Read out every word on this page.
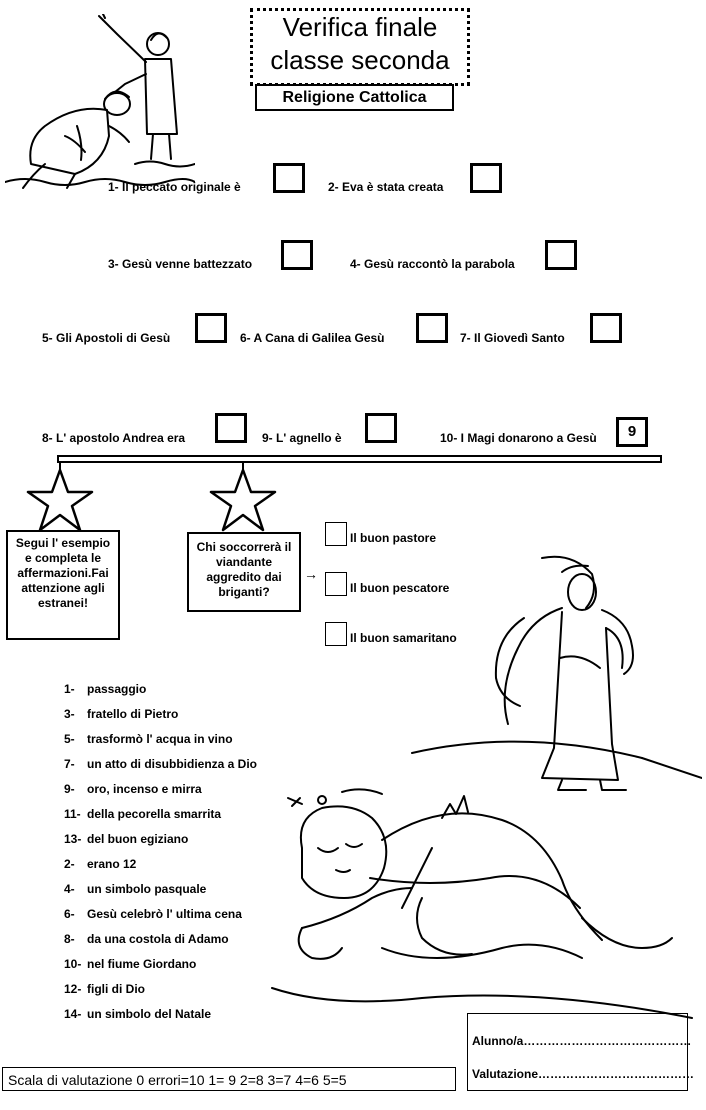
Verifica finale
classe seconda
Religione Cattolica
1- Il peccato originale è	2- Eva è stata creata
3- Gesù venne battezzato	4- Gesù raccontò la parabola
5- Gli Apostoli di Gesù	6- A Cana di Galilea Gesù	7- Il Giovedì Santo
8- L' apostolo Andrea era	9- L' agnello è	10- I Magi donarono a Gesù	9
Segui l' esempio e completa le affermazioni.Fai attenzione agli estranei!
Chi soccorrerà il viandante aggredito dai briganti?
→
Il buon pastore
Il buon pescatore
Il buon samaritano
1- passaggio
3- fratello di Pietro
5- trasformò l' acqua in vino
7- un atto di disubbidienza a Dio
9- oro, incenso e mirra
11- della pecorella smarrita
13- del buon egiziano
2- erano 12
4- un simbolo pasquale
6- Gesù celebrò l' ultima cena
8- da una costola di Adamo
10- nel fiume Giordano
12- figli di Dio
14- un simbolo del Natale
Alunno/a……………………………………
Valutazione…………………………………
Scala di valutazione 0 errori=10 1= 9 2=8 3=7 4=6 5=5
